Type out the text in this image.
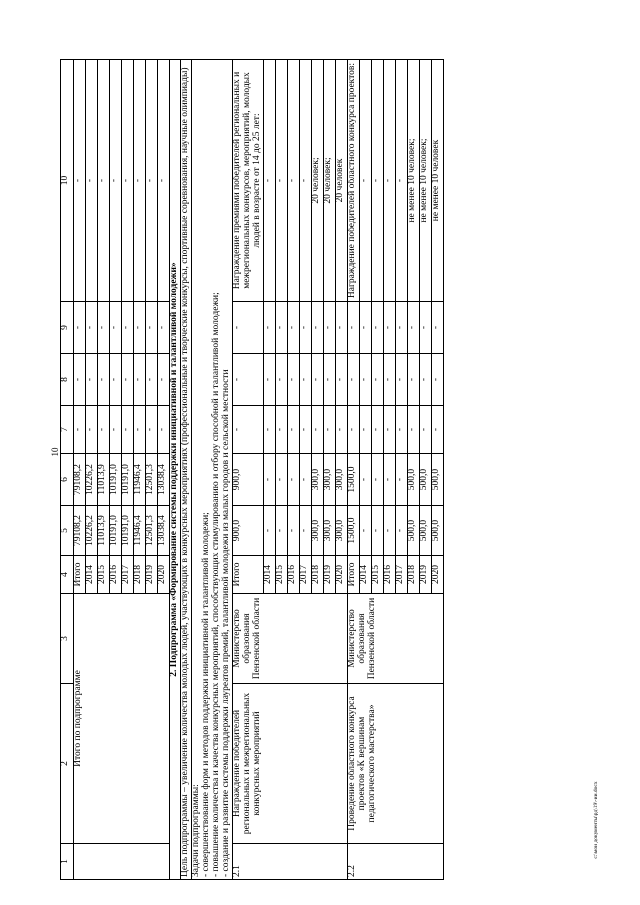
10
c:\мои документы\рд\19\-ии.docx
1	2	3	4	5	6	7	8	9	10
	Итого по подпрограмме		Итого	79108,2	79108,2	-	-	-	-
			2014	10226,2	10226,2	-	-	-	-
			2015	11013,9	11013,9	-	-	-	-
			2016	10191,0	10191,0	-	-	-	-
			2017	10191,0	10191,0	-	-	-	-
			2018	11946,4	11946,4	-	-	-	-
			2019	12501,3	12501,3	-	-	-	-
			2020	13038,4	13038,4	-	-	-	-
2. Подпрограмма «Формирование системы поддержки инициативной и талантливой молодежи»									
Цель подпрограммы – увеличение количества молодых людей, участвующих в конкурсных мероприятиях (профессиональные и творческие конкурсы, спортивные соревнования, научные олимпиады)									

Задачи подпрограммы: - совершенствование форм и методов поддержки инициативной и талантливой молодежи; - повышение количества и качества конкурсных мероприятий, способствующих стимулированию и отбору способной и талантливой молодежи; - создание и развитие системы поддержки лауреатов премий, талантливой молодежи из малых городов и сельской местности									

2.1	Награждение победителей региональных и межрегиональных конкурсных мероприятий	Министерство образования Пензенской области	Итого	900,0	900,0	-	-	-	Награждение премиями победителей региональных и межрегиональных конкурсов, мероприятий, молодых людей в возрасте от 14 до 25 лет:
			2014	-	-	-	-	-	-
			2015	-	-	-	-	-	-
			2016	-	-	-	-	-	-
			2017	-	-	-	-	-	-
			2018	300,0	300,0	-	-	-	20 человек;
			2019	300,0	300,0	-	-	-	20 человек;
			2020	300,0	300,0	-	-	-	20 человек
2.2	Проведение областного конкурса проектов «К вершинам педагогического мастерства»	Министерство образования Пензенской области	Итого	1500,0	1500,0	-	-	-	Награждение победителей областного конкурса проектов:
			2014	-	-	-	-	-	-
			2015	-	-	-	-	-	-
			2016	-	-	-	-	-	-
			2017	-	-	-	-	-	-
			2018	500,0	500,0	-	-	-	не менее 10 человек;
			2019	500,0	500,0	-	-	-	не менее 10 человек;
			2020	500,0	500,0	-	-	-	не менее 10 человек
